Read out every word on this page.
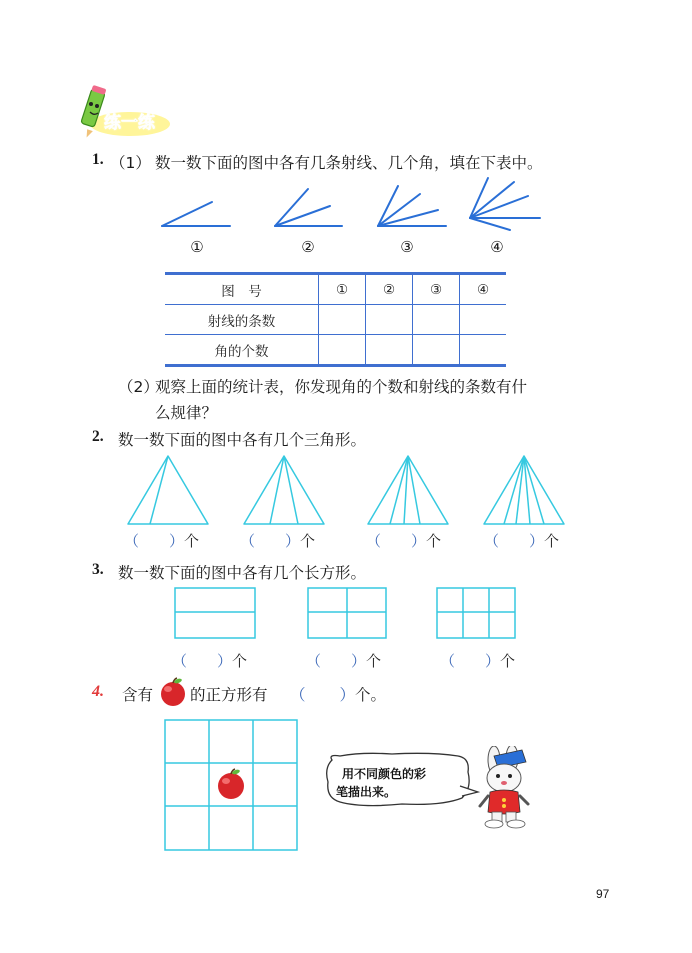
练一练
1. （1） 数一数下面的图中各有几条射线、几个角，填在下表中。
①	②	③	④
图　号	①	②	③	④
射线的条数				
角的个数				
（2）
观察上面的统计表，你发现角的个数和射线的条数有什
么规律？
2. 数一数下面的图中各有几个三角形。
（ ）个	（ ）个	（ ）个	（ ）个
3. 数一数下面的图中各有几个长方形。
（ ）个	（ ）个	（ ）个
4. 含有 的正方形有 （ ）个。
用不同颜色的彩
笔描出来。
97
